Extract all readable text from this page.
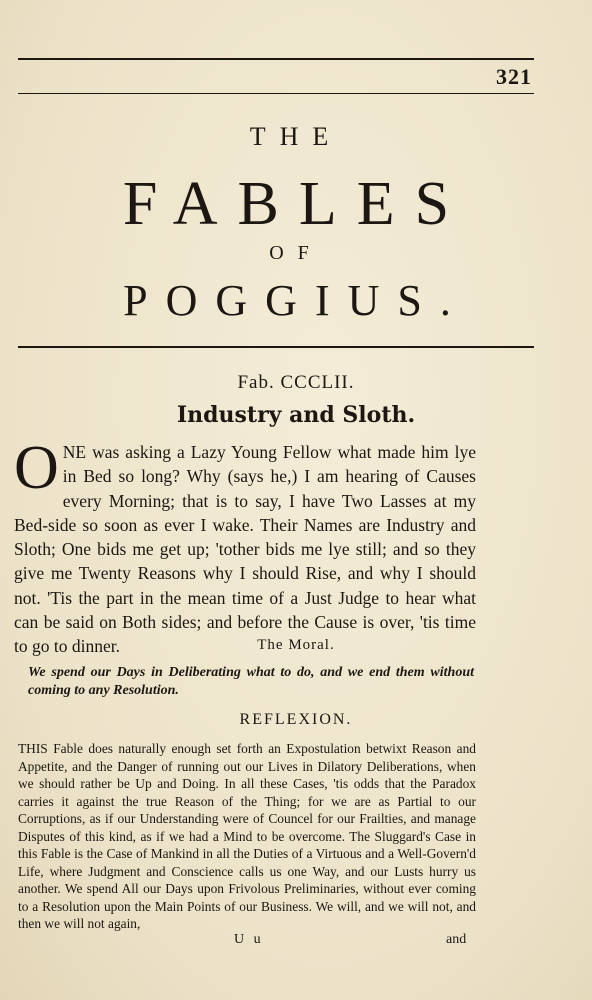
321
THE
FABLES
OF
POGGIUS.
Fab. CCCLII.
Industry and Sloth.
O NE was asking a Lazy Young Fellow what made him lye in Bed so long? Why (says he,) I am hearing of Causes every Morning; that is to say, I have Two Lasses at my Bed-side so soon as ever I wake. Their Names are Industry and Sloth; One bids me get up; 'tother bids me lye still; and so they give me Twenty Reasons why I should Rise, and why I should not. 'Tis the part in the mean time of a Just Judge to hear what can be said on Both sides; and before the Cause is over, 'tis time to go to dinner.	The Moral.
We spend our Days in Deliberating what to do, and we end them without coming to any Resolution.
REFLEXION.
THIS Fable does naturally enough set forth an Expostulation betwixt Reason and Appetite, and the Danger of running out our Lives in Dilatory Deliberations, when we should rather be Up and Doing. In all these Cases, 'tis odds that the Paradox carries it against the true Reason of the Thing; for we are as Partial to our Corruptions, as if our Understanding were of Councel for our Frailties, and manage Disputes of this kind, as if we had a Mind to be overcome. The Sluggard's Case in this Fable is the Case of Mankind in all the Duties of a Virtuous and a Well-Govern'd Life, where Judgment and Conscience calls us one Way, and our Lusts hurry us another. We spend All our Days upon Frivolous Preliminaries, without ever coming to a Resolution upon the Main Points of our Business. We will, and we will not, and then we will not again,
U u	and
